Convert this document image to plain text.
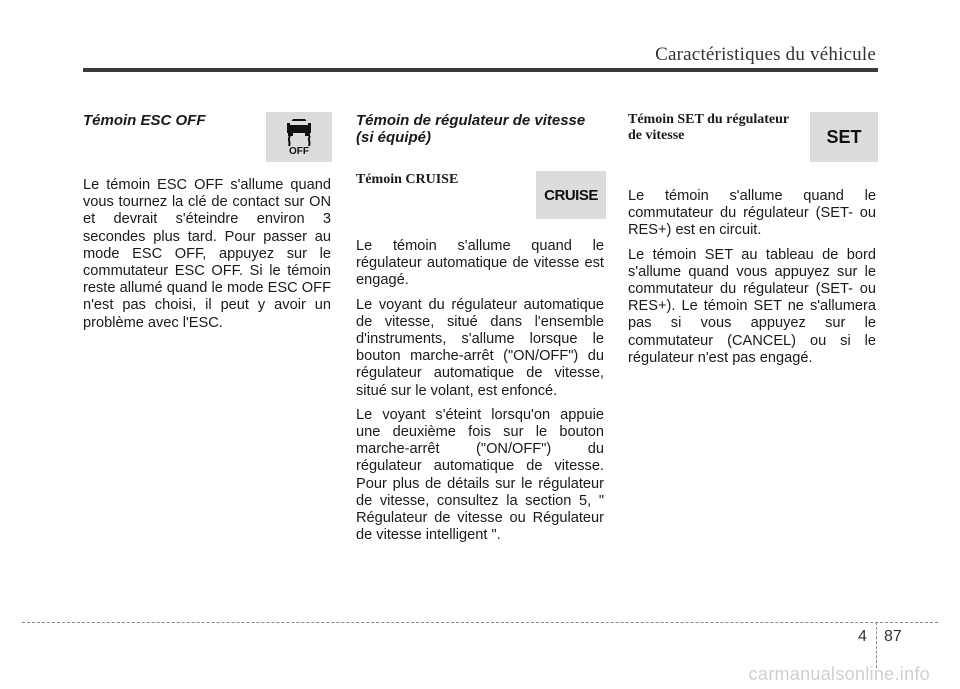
Caractéristiques du véhicule
Témoin ESC OFF

Le témoin ESC OFF s'allume quand vous tournez la clé de contact sur ON et devrait s'éteindre environ 3 secondes plus tard. Pour passer au mode ESC OFF, appuyez sur le commutateur ESC OFF. Si le témoin reste allumé quand le mode ESC OFF n'est pas choisi, il peut y avoir un problème avec l'ESC.

OFF
Témoin de régulateur de vitesse
(si équipé)
Témoin CRUISE

Le témoin s'allume quand le régulateur automatique de vitesse est engagé.

Le voyant du régulateur automatique de vitesse, situé dans l'ensemble d'instruments, s'allume lorsque le bouton marche-arrêt ("ON/OFF") du régulateur automatique de vitesse, situé sur le volant, est enfoncé.

Le voyant s'éteint lorsqu'on appuie une deuxième fois sur le bouton marche-arrêt ("ON/OFF") du régulateur automatique de vitesse. Pour plus de détails sur le régulateur de vitesse, consultez la section 5, " Régulateur de vitesse ou Régulateur de vitesse intelligent ".

CRUISE
Témoin SET du régulateur
de vitesse

Le témoin s'allume quand le commutateur du régulateur (SET- ou RES+) est en circuit.

Le témoin SET au tableau de bord s'allume quand vous appuyez sur le commutateur du régulateur (SET- ou RES+). Le témoin SET ne s'allumera pas si vous appuyez sur le commutateur (CANCEL) ou si le régulateur n'est pas engagé.

SET
4 87
carmanualsonline.info
